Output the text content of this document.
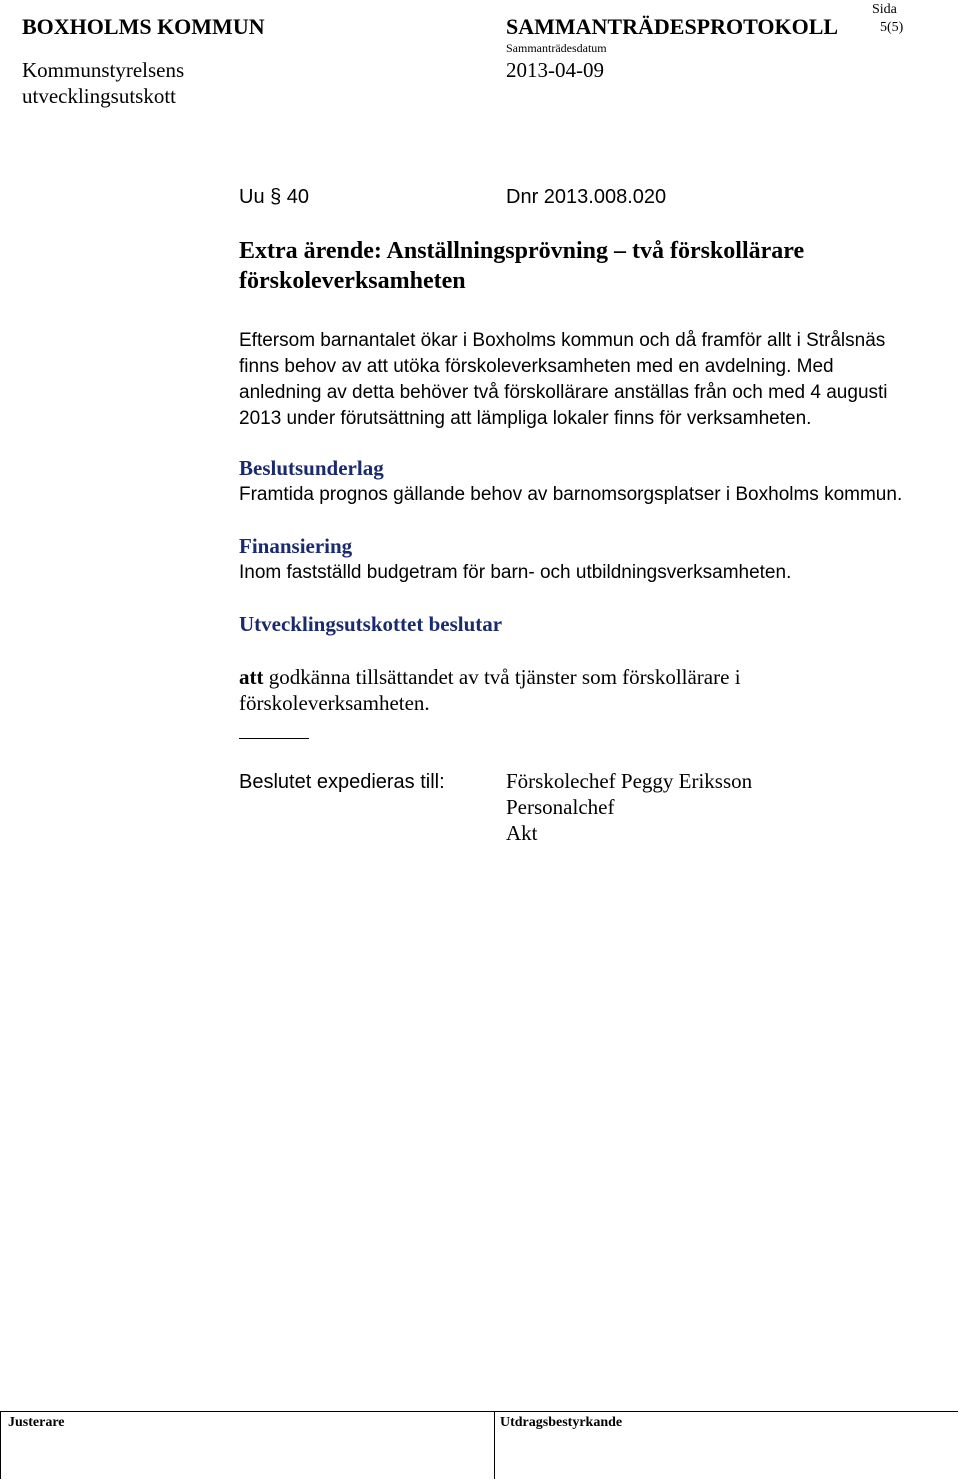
BOXHOLMS KOMMUN	SAMMANTRÄDESPROTOKOLL
Sida
5(5)
Kommunstyrelsens
utvecklingsutskott
Sammanträdesdatum
2013-04-09
Uu § 40	Dnr 2013.008.020
Extra ärende: Anställningsprövning – två förskollärare
förskoleverksamheten
Eftersom barnantalet ökar i Boxholms kommun och då framför allt i Strålsnäs
finns behov av att utöka förskoleverksamheten med en avdelning. Med
anledning av detta behöver två förskollärare anställas från och med 4 augusti
2013 under förutsättning att lämpliga lokaler finns för verksamheten.
Beslutsunderlag
Framtida prognos gällande behov av barnomsorgsplatser i Boxholms kommun.
Finansiering
Inom fastställd budgetram för barn- och utbildningsverksamheten.
Utvecklingsutskottet beslutar
att godkänna tillsättandet av två tjänster som förskollärare i
förskoleverksamheten.
Beslutet expedieras till:	Förskolechef Peggy Eriksson
Personalchef
Akt
Justerare	Utdragsbestyrkande
